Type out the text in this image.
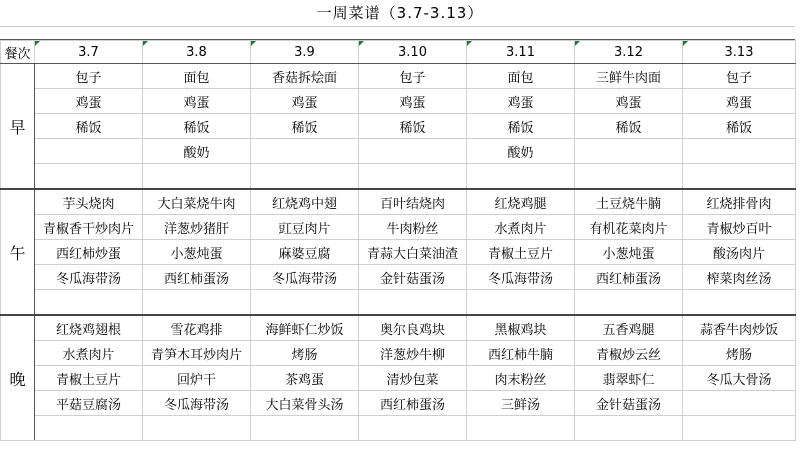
一周菜谱（3.7-3.13）
餐次	3.7	3.8	3.9	3.10	3.11	3.12	3.13
早	包子	面包	香菇拆烩面	包子	面包	三鲜牛肉面	包子
	鸡蛋	鸡蛋	鸡蛋	鸡蛋	鸡蛋	鸡蛋	鸡蛋
	稀饭	稀饭	稀饭	稀饭	稀饭	稀饭	稀饭
		酸奶			酸奶		

午	芋头烧肉	大白菜烧牛肉	红烧鸡中翅	百叶结烧肉	红烧鸡腿	土豆烧牛腩	红烧排骨肉
	青椒香干炒肉片	洋葱炒猪肝	豇豆肉片	牛肉粉丝	水煮肉片	有机花菜肉片	青椒炒百叶
	西红柿炒蛋	小葱炖蛋	麻婆豆腐	青蒜大白菜油渣	青椒土豆片	小葱炖蛋	酸汤肉片
	冬瓜海带汤	西红柿蛋汤	冬瓜海带汤	金针菇蛋汤	冬瓜海带汤	西红柿蛋汤	榨菜肉丝汤

晚	红烧鸡翅根	雪花鸡排	海鲜虾仁炒饭	奥尔良鸡块	黑椒鸡块	五香鸡腿	蒜香牛肉炒饭
	水煮肉片	青笋木耳炒肉片	烤肠	洋葱炒牛柳	西红柿牛腩	青椒炒云丝	烤肠
	青椒土豆片	回炉干	茶鸡蛋	清炒包菜	肉末粉丝	翡翠虾仁	冬瓜大骨汤
	平菇豆腐汤	冬瓜海带汤	大白菜骨头汤	西红柿蛋汤	三鲜汤	金针菇蛋汤	
